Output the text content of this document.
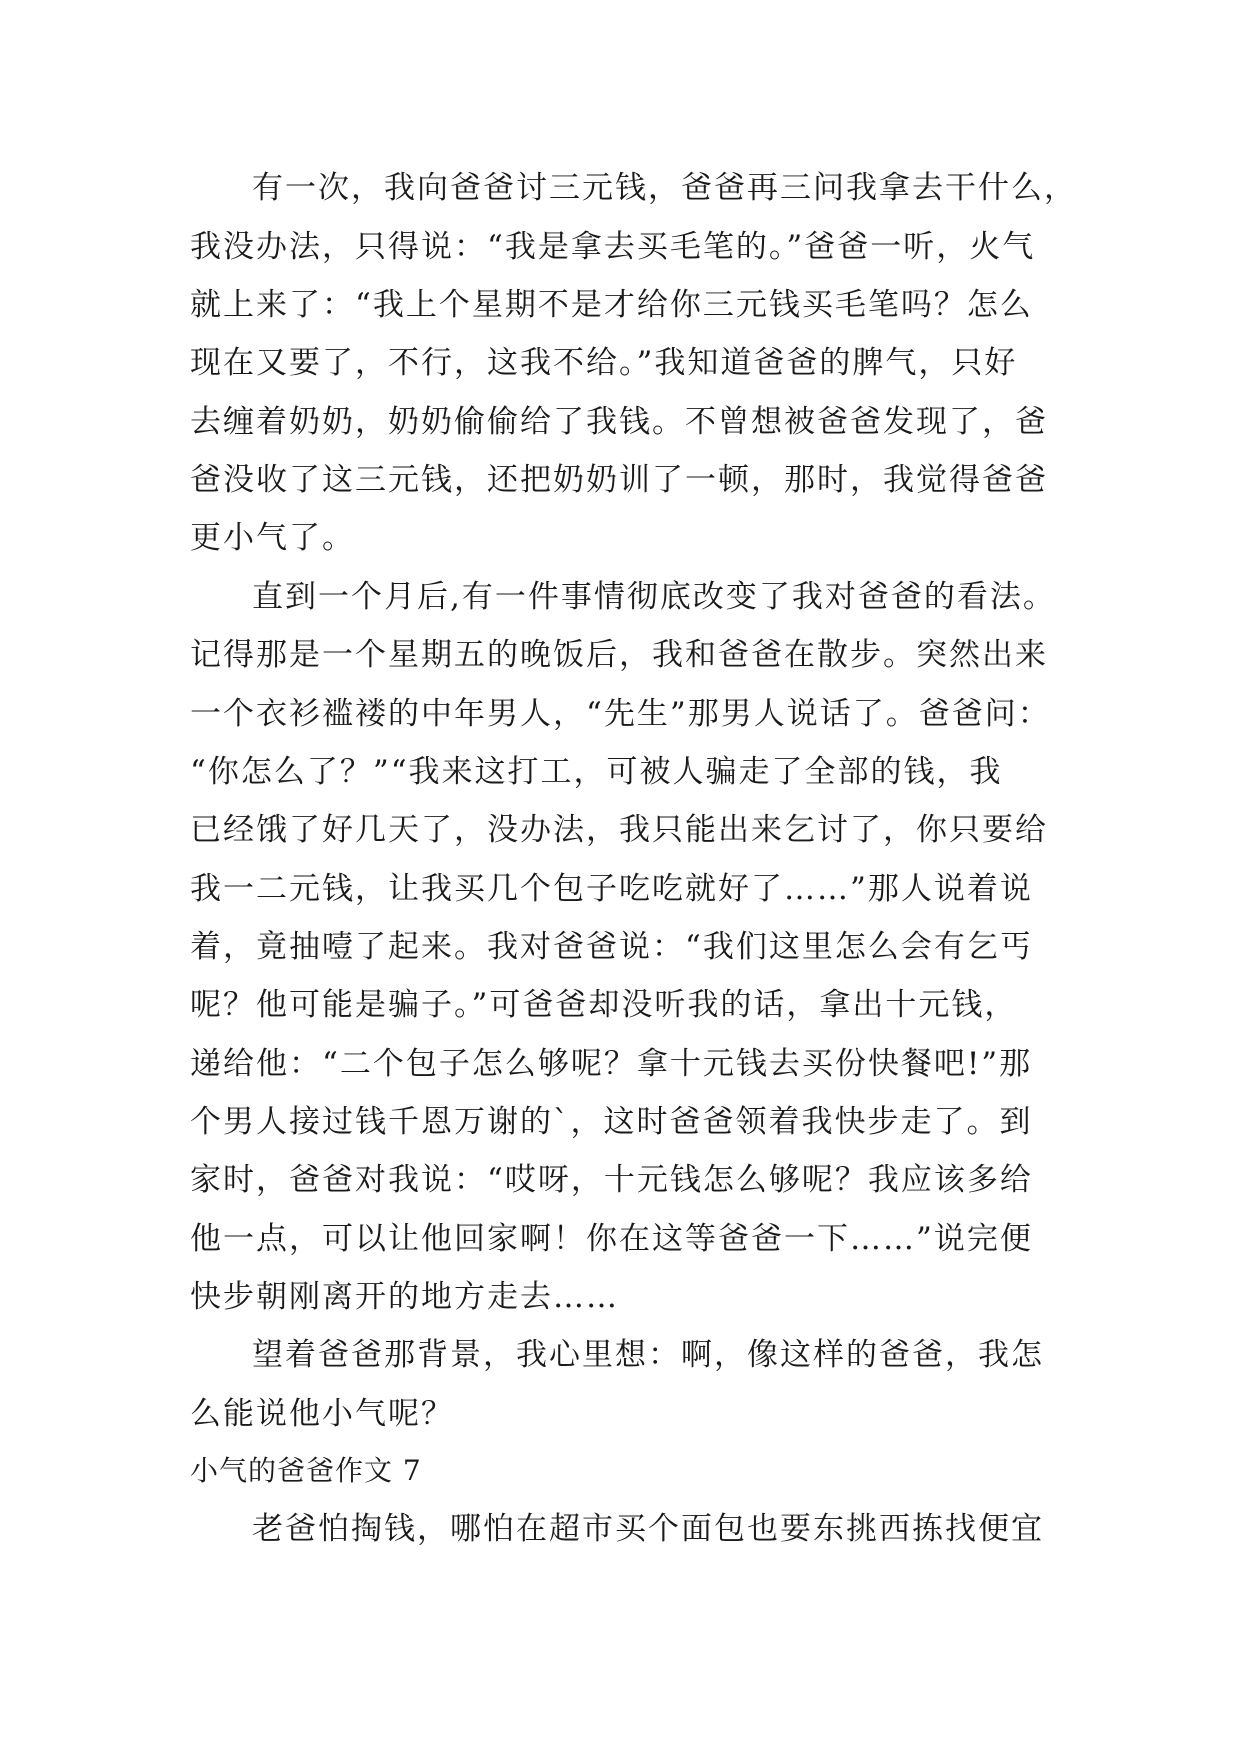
有一次，我向爸爸讨三元钱，爸爸再三问我拿去干什么，
我没办法，只得说：“我是拿去买毛笔的。”爸爸一听，火气
就上来了：“我上个星期不是才给你三元钱买毛笔吗？怎么
现在又要了，不行，这我不给。”我知道爸爸的脾气，只好
去缠着奶奶，奶奶偷偷给了我钱。不曾想被爸爸发现了，爸
爸没收了这三元钱，还把奶奶训了一顿，那时，我觉得爸爸
更小气了。
直到一个月后,有一件事情彻底改变了我对爸爸的看法。
记得那是一个星期五的晚饭后，我和爸爸在散步。突然出来
一个衣衫褴褛的中年男人，“先生”那男人说话了。爸爸问：
“你怎么了？”“我来这打工，可被人骗走了全部的钱，我
已经饿了好几天了，没办法，我只能出来乞讨了，你只要给
我一二元钱，让我买几个包子吃吃就好了……”那人说着说
着，竟抽噎了起来。我对爸爸说：“我们这里怎么会有乞丐
呢？他可能是骗子。”可爸爸却没听我的话，拿出十元钱，
递给他：“二个包子怎么够呢？拿十元钱去买份快餐吧!”那
个男人接过钱千恩万谢的`，这时爸爸领着我快步走了。到
家时，爸爸对我说：“哎呀，十元钱怎么够呢？我应该多给
他一点，可以让他回家啊！你在这等爸爸一下……”说完便
快步朝刚离开的地方走去……
望着爸爸那背景，我心里想：啊，像这样的爸爸，我怎
么能说他小气呢？
小气的爸爸作文 7
老爸怕掏钱，哪怕在超市买个面包也要东挑西拣找便宜
